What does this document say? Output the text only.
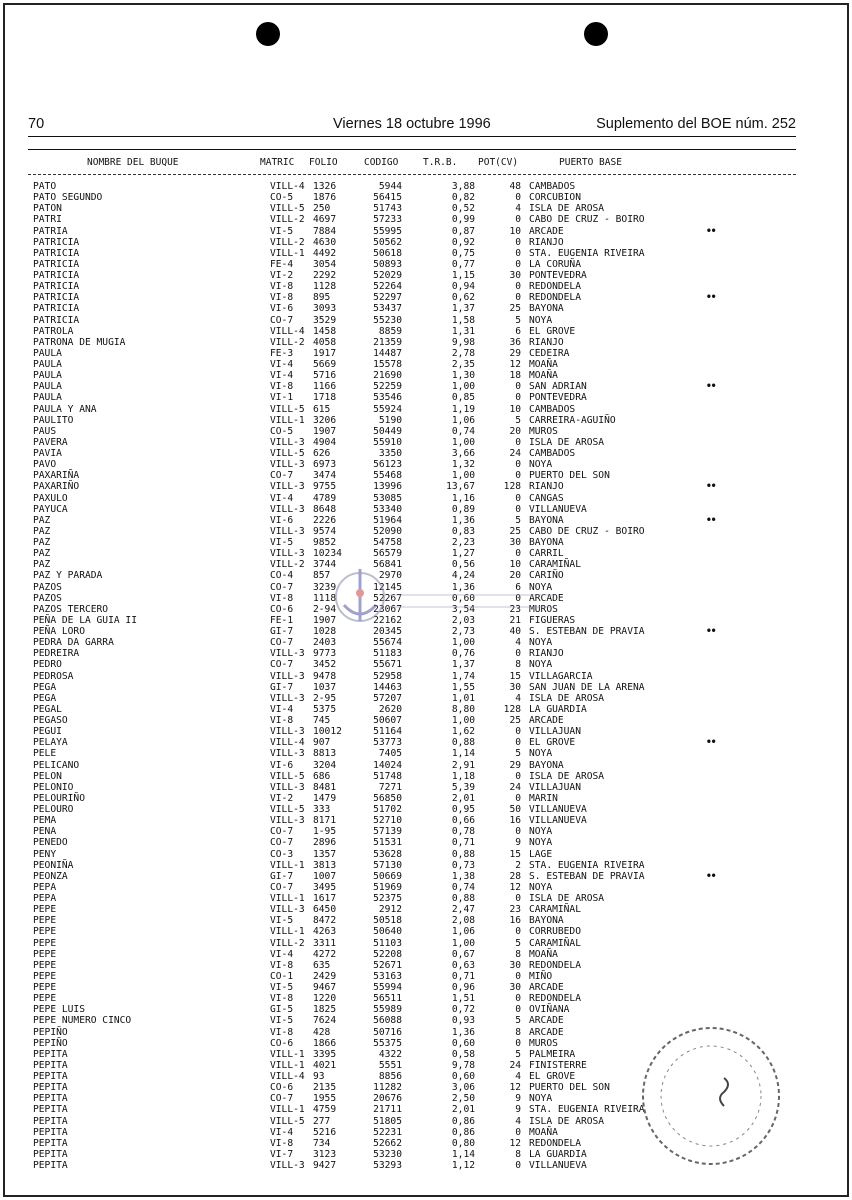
70	Viernes 18 octubre 1996	Suplemento del BOE núm. 252
NOMBRE DEL BUQUE	MATRIC FOLIO	CODIGO	T.R.B. POT(CV)	PUERTO BASE
PATO	VILL-4 1326	5944	3,88	48 CAMBADOS
PATO SEGUNDO	CO-5 1876	56415	0,82	0 CORCUBION
PATON	VILL-5 250	51743	0,52	4 ISLA DE AROSA
PATRI	VILL-2 4697	57233	0,99	0 CABO DE CRUZ - BOIRO
PATRIA	VI-5 7884	55995	0,87	10 ARCADE	••
PATRICIA	VILL-2 4630	50562	0,92	0 RIANJO
PATRICIA	VILL-1 4492	50618	0,75	0 STA. EUGENIA RIVEIRA
PATRICIA	FE-4 3054	50893	0,77	0 LA CORUÑA
PATRICIA	VI-2 2292	52029	1,15	30 PONTEVEDRA
PATRICIA	VI-8 1128	52264	0,94	0 REDONDELA
PATRICIA	VI-8 895	52297	0,62	0 REDONDELA	••
PATRICIA	VI-6 3093	53437	1,37	25 BAYONA
PATRICIA	CO-7 3529	55230	1,58	5 NOYA
PATROLA	VILL-4 1458	8859	1,31	6 EL GROVE
PATRONA DE MUGIA	VILL-2 4058	21359	9,98	36 RIANJO
PAULA	FE-3 1917	14487	2,78	29 CEDEIRA
PAULA	VI-4 5669	15578	2,35	12 MOAÑA
PAULA	VI-4 5716	21690	1,30	18 MOAÑA
PAULA	VI-8 1166	52259	1,00	0 SAN ADRIAN	••
PAULA	VI-1 1718	53546	0,85	0 PONTEVEDRA
PAULA Y ANA	VILL-5 615	55924	1,19	10 CAMBADOS
PAULITO	VILL-1 3206	5190	1,06	5 CARREIRA-AGUIÑO
PAUS	CO-5 1907	50449	0,74	20 MUROS
PAVERA	VILL-3 4904	55910	1,00	0 ISLA DE AROSA
PAVIA	VILL-5 626	3350	3,66	24 CAMBADOS
PAVO	VILL-3 6973	56123	1,32	0 NOYA
PAXARIÑA	CO-7 3474	55468	1,00	0 PUERTO DEL SON
PAXARIÑO	VILL-3 9755	13996	13,67	128 RIANJO	••
PAXULO	VI-4 4789	53085	1,16	0 CANGAS
PAYUCA	VILL-3 8648	53340	0,89	0 VILLANUEVA
PAZ	VI-6 2226	51964	1,36	5 BAYONA	••
PAZ	VILL-3 9574	52090	0,83	25 CABO DE CRUZ - BOIRO
PAZ	VI-5 9852	54758	2,23	30 BAYONA
PAZ	VILL-3 10234	56579	1,27	0 CARRIL
PAZ	VILL-2 3744	56841	0,56	10 CARAMIÑAL
PAZ Y PARADA	CO-4 857	2970	4,24	20 CARIÑO
PAZOS	CO-7 3239	12145	1,36	6 NOYA
PAZOS	VI-8 1118	52267	0,60	0 ARCADE
PAZOS TERCERO	CO-6 2-94	23067	3,54	23 MUROS
PEÑA DE LA GUIA II	FE-1 1907	22162	2,03	21 FIGUERAS
PEÑA LORO	GI-7 1028	20345	2,73	40 S. ESTEBAN DE PRAVIA	••
PEDRA DA GARRA	CO-7 2403	55674	1,00	4 NOYA
PEDREIRA	VILL-3 9773	51183	0,76	0 RIANJO
PEDRO	CO-7 3452	55671	1,37	8 NOYA
PEDROSA	VILL-3 9478	52958	1,74	15 VILLAGARCIA
PEGA	GI-7 1037	14463	1,55	30 SAN JUAN DE LA ARENA
PEGA	VILL-3 2-95	57207	1,01	4 ISLA DE AROSA
PEGAL	VI-4 5375	2620	8,80	128 LA GUARDIA
PEGASO	VI-8 745	50607	1,00	25 ARCADE
PEGUI	VILL-3 10012	51164	1,62	0 VILLAJUAN
PELAYA	VILL-4 907	53773	0,88	0 EL GROVE	••
PELE	VILL-3 8813	7405	1,14	5 NOYA
PELICANO	VI-6 3204	14024	2,91	29 BAYONA
PELON	VILL-5 686	51748	1,18	0 ISLA DE AROSA
PELONIO	VILL-3 8481	7271	5,39	24 VILLAJUAN
PELOURIÑO	VI-2 1479	56850	2,01	0 MARIN
PELOURO	VILL-5 333	51702	0,95	50 VILLANUEVA
PEMA	VILL-3 8171	52710	0,66	16 VILLANUEVA
PENA	CO-7 1-95	57139	0,78	0 NOYA
PENEDO	CO-7 2896	51531	0,71	9 NOYA
PENY	CO-3 1357	53628	0,88	15 LAGE
PEONIÑA	VILL-1 3813	57130	0,73	2 STA. EUGENIA RIVEIRA
PEONZA	GI-7 1007	50669	1,38	28 S. ESTEBAN DE PRAVIA	••
PEPA	CO-7 3495	51969	0,74	12 NOYA
PEPA	VILL-1 1617	52375	0,88	0 ISLA DE AROSA
PEPE	VILL-3 6450	2912	2,47	23 CARAMIÑAL
PEPE	VI-5 8472	50518	2,08	16 BAYONA
PEPE	VILL-1 4263	50640	1,06	0 CORRUBEDO
PEPE	VILL-2 3311	51103	1,00	5 CARAMIÑAL
PEPE	VI-4 4272	52208	0,67	8 MOAÑA
PEPE	VI-8 635	52671	0,63	30 REDONDELA
PEPE	CO-1 2429	53163	0,71	0 MIÑO
PEPE	VI-5 9467	55994	0,96	30 ARCADE
PEPE	VI-8 1220	56511	1,51	0 REDONDELA
PEPE LUIS	GI-5 1825	55989	0,72	0 OVIÑANA
PEPE NUMERO CINCO	VI-5 7624	56088	0,93	5 ARCADE
PEPIÑO	VI-8 428	50716	1,36	8 ARCADE
PEPIÑO	CO-6 1866	55375	0,60	0 MUROS
PEPITA	VILL-1 3395	4322	0,58	5 PALMEIRA
PEPITA	VILL-1 4021	5551	9,78	24 FINISTERRE
PEPITA	VILL-4 93	8856	0,60	4 EL GROVE
PEPITA	CO-6 2135	11282	3,06	12 PUERTO DEL SON
PEPITA	CO-7 1955	20676	2,50	9 NOYA
PEPITA	VILL-1 4759	21711	2,01	9 STA. EUGENIA RIVEIRA
PEPITA	VILL-5 277	51805	0,86	4 ISLA DE AROSA
PEPITA	VI-4 5216	52231	0,86	0 MOAÑA
PEPITA	VI-8 734	52662	0,80	12 REDONDELA
PEPITA	VI-7 3123	53230	1,14	8 LA GUARDIA
PEPITA	VILL-3 9427	53293	1,12	0 VILLANUEVA
